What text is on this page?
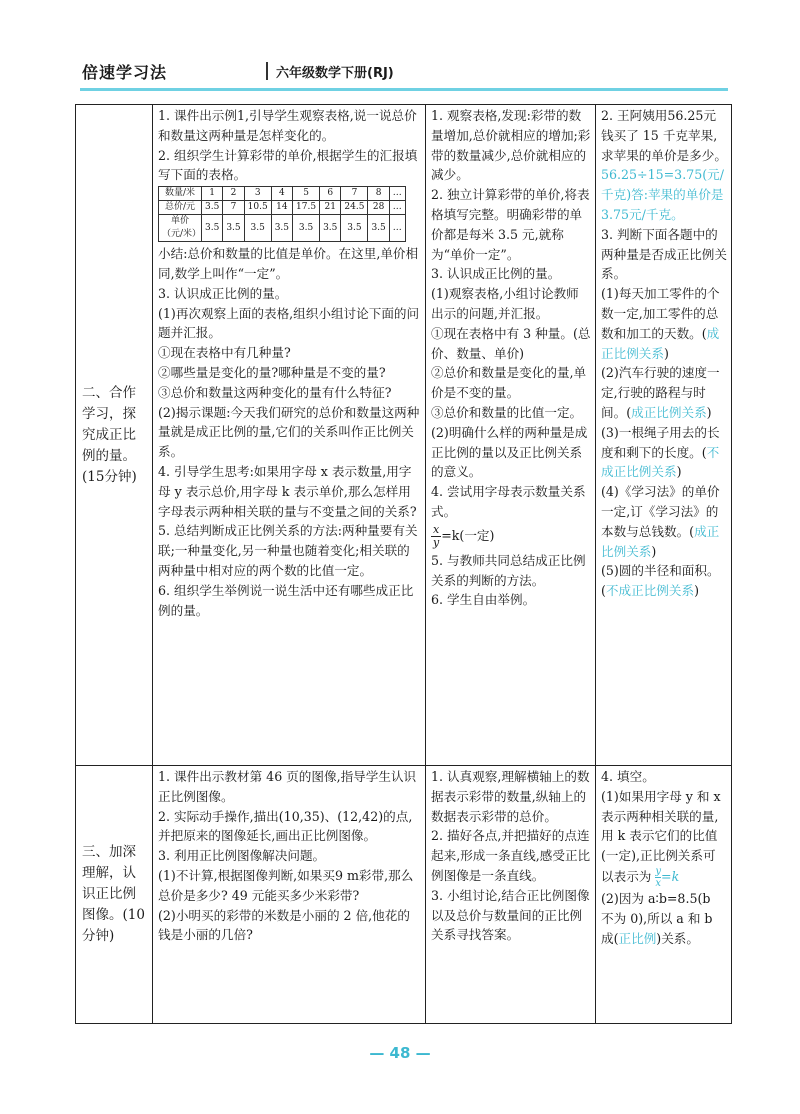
倍速学习法	六年级数学下册(RJ)
二、合作学习，探究成正比例的量。(15分钟)	
1. 课件出示例1,引导学生观察表格,说一说总价和数量这两种量是怎样变化的。
2. 组织学生计算彩带的单价,根据学生的汇报填写下面的表格。
数量/米	1	2	3	4	5	6	7	8	…
总价/元	3.5	7	10.5	14	17.5	21	24.5	28	…
单价（元/米）	3.5	3.5	3.5	3.5	3.5	3.5	3.5	3.5	…
小结:总价和数量的比值是单价。在这里,单价相同,数学上叫作“一定”。
3. 认识成正比例的量。
(1)再次观察上面的表格,组织小组讨论下面的问题并汇报。
①现在表格中有几种量?
②哪些量是变化的量?哪种量是不变的量?
③总价和数量这两种变化的量有什么特征?
(2)揭示课题:今天我们研究的总价和数量这两种量就是成正比例的量,它们的关系叫作正比例关系。
4. 引导学生思考:如果用字母 x 表示数量,用字母 y 表示总价,用字母 k 表示单价,那么怎样用字母表示两种相关联的量与不变量之间的关系?
5. 总结判断成正比例关系的方法:两种量要有关联;一种量变化,另一种量也随着变化;相关联的两种量中相对应的两个数的比值一定。
6. 组织学生举例说一说生活中还有哪些成正比例的量。

1. 观察表格,发现:彩带的数量增加,总价就相应的增加;彩带的数量减少,总价就相应的减少。
2. 独立计算彩带的单价,将表格填写完整。明确彩带的单价都是每米 3.5 元,就称为“单价一定”。
3. 认识成正比例的量。
(1)观察表格,小组讨论教师出示的问题,并汇报。
①现在表格中有 3 种量。(总价、数量、单价)
②总价和数量是变化的量,单价是不变的量。
③总价和数量的比值一定。
(2)明确什么样的两种量是成正比例的量以及正比例关系的意义。
4. 尝试用字母表示数量关系式。
$\frac{x}{y} =k$(一定)
5. 与教师共同总结成正比例关系的判断的方法。
6. 学生自由举例。

2. 王阿姨用56.25元钱买了 15 千克苹果,求苹果的单价是多少。
56.25÷15=3.75(元/千克)答:苹果的单价是3.75元/千克。
3. 判断下面各题中的两种量是否成正比例关系。
(1)每天加工零件的个数一定,加工零件的总数和加工的天数。(成正比例关系)
(2)汽车行驶的速度一定,行驶的路程与时间。(成正比例关系)
(3)一根绳子用去的长度和剩下的长度。(不成正比例关系)
(4)《学习法》的单价一定,订《学习法》的本数与总钱数。(成正比例关系)
(5)圆的半径和面积。(不成正比例关系)

三、加深理解，认识正比例图像。(10分钟)	
1. 课件出示教材第 46 页的图像,指导学生认识正比例图像。
2. 实际动手操作,描出(10,35)、(12,42)的点,并把原来的图像延长,画出正比例图像。
3. 利用正比例图像解决问题。
(1)不计算,根据图像判断,如果买9 m彩带,那么总价是多少? 49 元能买多少米彩带?
(2)小明买的彩带的米数是小丽的 2 倍,他花的钱是小丽的几倍?

1. 认真观察,理解横轴上的数据表示彩带的数量,纵轴上的数据表示彩带的总价。
2. 描好各点,并把描好的点连起来,形成一条直线,感受正比例图像是一条直线。
3. 小组讨论,结合正比例图像以及总价与数量间的正比例关系寻找答案。

4. 填空。
(1)如果用字母 y 和 x 表示两种相关联的量,用 k 表示它们的比值(一定),正比例关系可以表示为 $\frac{y}{x} =k$
(2)因为 a∶b=8.5(b 不为 0),所以 a 和 b 成(正比例)关系。
— 48 —
